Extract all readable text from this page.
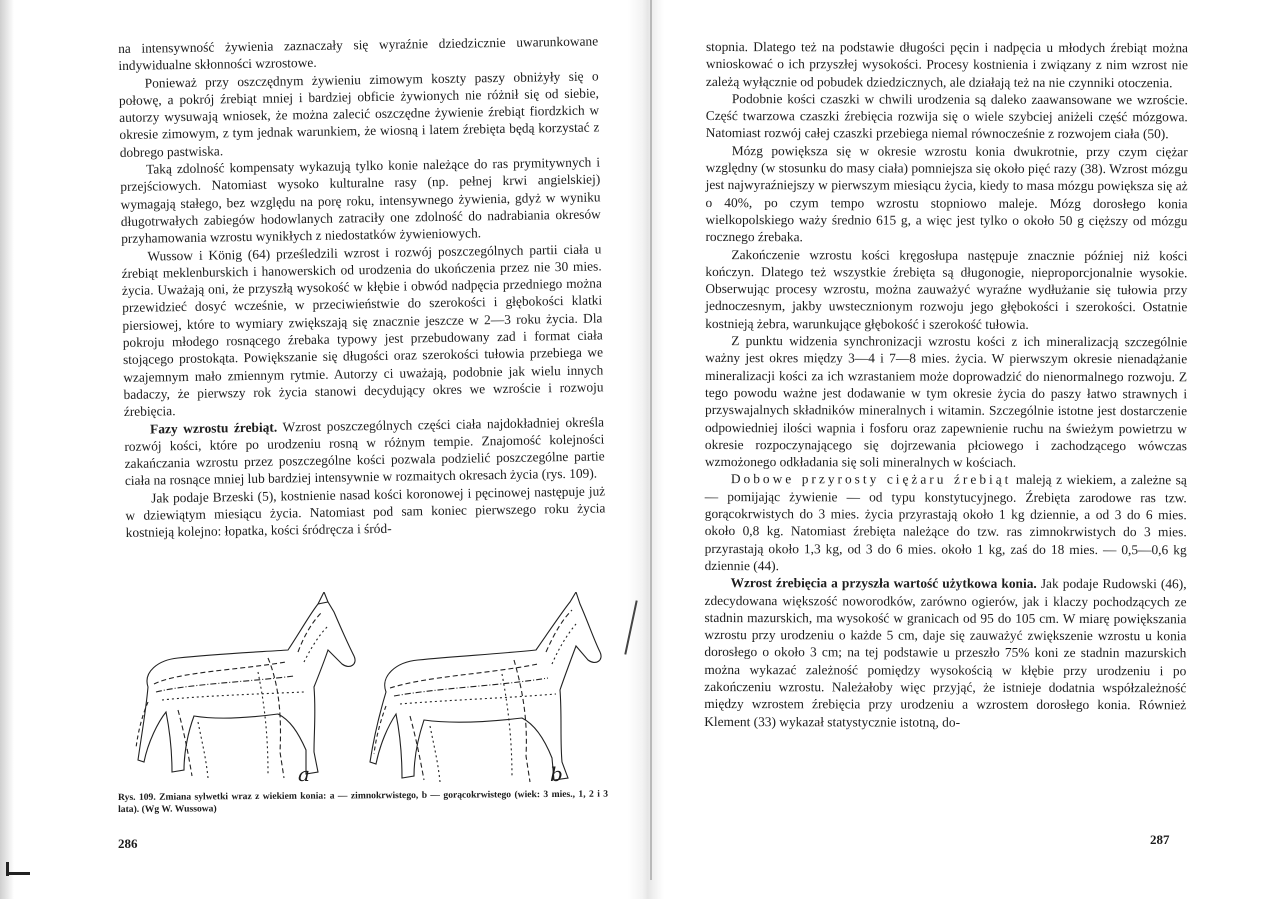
na intensywność żywienia zaznaczały się wyraźnie dziedzicznie uwarunkowane indywidualne skłonności wzrostowe.

Ponieważ przy oszczędnym żywieniu zimowym koszty paszy obniżyły się o połowę, a pokrój źrebiąt mniej i bardziej obficie żywionych nie różnił się od siebie, autorzy wysuwają wniosek, że można zalecić oszczędne żywienie źrebiąt fiordzkich w okresie zimowym, z tym jednak warunkiem, że wiosną i latem źrebięta będą korzystać z dobrego pastwiska.

Taką zdolność kompensaty wykazują tylko konie należące do ras prymitywnych i przejściowych. Natomiast wysoko kulturalne rasy (np. pełnej krwi angielskiej) wymagają stałego, bez względu na porę roku, intensywnego żywienia, gdyż w wyniku długotrwałych zabiegów hodowlanych zatraciły one zdolność do nadrabiania okresów przyhamowania wzrostu wynikłych z niedostatków żywieniowych.

Wussow i König (64) prześledzili wzrost i rozwój poszczególnych partii ciała u źrebiąt meklenburskich i hanowerskich od urodzenia do ukończenia przez nie 30 mies. życia. Uważają oni, że przyszłą wysokość w kłębie i obwód nadpęcia przedniego można przewidzieć dosyć wcześnie, w przeciwieństwie do szerokości i głębokości klatki piersiowej, które to wymiary zwiększają się znacznie jeszcze w 2—3 roku życia. Dla pokroju młodego rosnącego źrebaka typowy jest przebudowany zad i format ciała stojącego prostokąta. Powiększanie się długości oraz szerokości tułowia przebiega we wzajemnym mało zmiennym rytmie. Autorzy ci uważają, podobnie jak wielu innych badaczy, że pierwszy rok życia stanowi decydujący okres we wzroście i rozwoju źrebięcia.

Fazy wzrostu źrebiąt. Wzrost poszczególnych części ciała najdokładniej określa rozwój kości, które po urodzeniu rosną w różnym tempie. Znajomość kolejności zakańczania wzrostu przez poszczególne kości pozwala podzielić poszczególne partie ciała na rosnące mniej lub bardziej intensywnie w rozmaitych okresach życia (rys. 109).

Jak podaje Brzeski (5), kostnienie nasad kości koronowej i pęcinowej następuje już w dziewiątym miesiącu życia. Natomiast pod sam koniec pierwszego roku życia kostnieją kolejno: łopatka, kości śródręcza i śród-

a	b
Rys. 109. Zmiana sylwetki wraz z wiekiem konia: a — zimnokrwistego, b — gorącokrwistego (wiek: 3 mies., 1, 2 i 3 lata). (Wg W. Wussowa)
286

stopnia. Dlatego też na podstawie długości pęcin i nadpęcia u młodych źrebiąt można wnioskować o ich przyszłej wysokości. Procesy kostnienia i związany z nim wzrost nie zależą wyłącznie od pobudek dziedzicznych, ale działają też na nie czynniki otoczenia.

Podobnie kości czaszki w chwili urodzenia są daleko zaawansowane we wzroście. Część twarzowa czaszki źrebięcia rozwija się o wiele szybciej aniżeli część mózgowa. Natomiast rozwój całej czaszki przebiega niemal równocześnie z rozwojem ciała (50).

Mózg powiększa się w okresie wzrostu konia dwukrotnie, przy czym ciężar względny (w stosunku do masy ciała) pomniejsza się około pięć razy (38). Wzrost mózgu jest najwyraźniejszy w pierwszym miesiącu życia, kiedy to masa mózgu powiększa się aż o 40%, po czym tempo wzrostu stopniowo maleje. Mózg dorosłego konia wielkopolskiego waży średnio 615 g, a więc jest tylko o około 50 g cięższy od mózgu rocznego źrebaka.

Zakończenie wzrostu kości kręgosłupa następuje znacznie później niż kości kończyn. Dlatego też wszystkie źrebięta są długonogie, nieproporcjonalnie wysokie. Obserwując procesy wzrostu, można zauważyć wyraźne wydłużanie się tułowia przy jednoczesnym, jakby uwstecznionym rozwoju jego głębokości i szerokości. Ostatnie kostnieją żebra, warunkujące głębokość i szerokość tułowia.

Z punktu widzenia synchronizacji wzrostu kości z ich mineralizacją szczególnie ważny jest okres między 3—4 i 7—8 mies. życia. W pierwszym okresie nienadążanie mineralizacji kości za ich wzrastaniem może doprowadzić do nienormalnego rozwoju. Z tego powodu ważne jest dodawanie w tym okresie życia do paszy łatwo strawnych i przyswajalnych składników mineralnych i witamin. Szczególnie istotne jest dostarczenie odpowiedniej ilości wapnia i fosforu oraz zapewnienie ruchu na świeżym powietrzu w okresie rozpoczynającego się dojrzewania płciowego i zachodzącego wówczas wzmożonego odkładania się soli mineralnych w kościach.

Dobowe przyrosty ciężaru źrebiąt maleją z wiekiem, a zależne są — pomijając żywienie — od typu konstytucyjnego. Źrebięta zarodowe ras tzw. gorącokrwistych do 3 mies. życia przyrastają około 1 kg dziennie, a od 3 do 6 mies. około 0,8 kg. Natomiast źrebięta należące do tzw. ras zimnokrwistych do 3 mies. przyrastają około 1,3 kg, od 3 do 6 mies. około 1 kg, zaś do 18 mies. — 0,5—0,6 kg dziennie (44).

Wzrost źrebięcia a przyszła wartość użytkowa konia. Jak podaje Rudowski (46), zdecydowana większość noworodków, zarówno ogierów, jak i klaczy pochodzących ze stadnin mazurskich, ma wysokość w granicach od 95 do 105 cm. W miarę powiększania wzrostu przy urodzeniu o każde 5 cm, daje się zauważyć zwiększenie wzrostu u konia dorosłego o około 3 cm; na tej podstawie u przeszło 75% koni ze stadnin mazurskich można wykazać zależność pomiędzy wysokością w kłębie przy urodzeniu i po zakończeniu wzrostu. Należałoby więc przyjąć, że istnieje dodatnia współzależność między wzrostem źrebięcia przy urodzeniu a wzrostem dorosłego konia. Również Klement (33) wykazał statystycznie istotną, do-

287
